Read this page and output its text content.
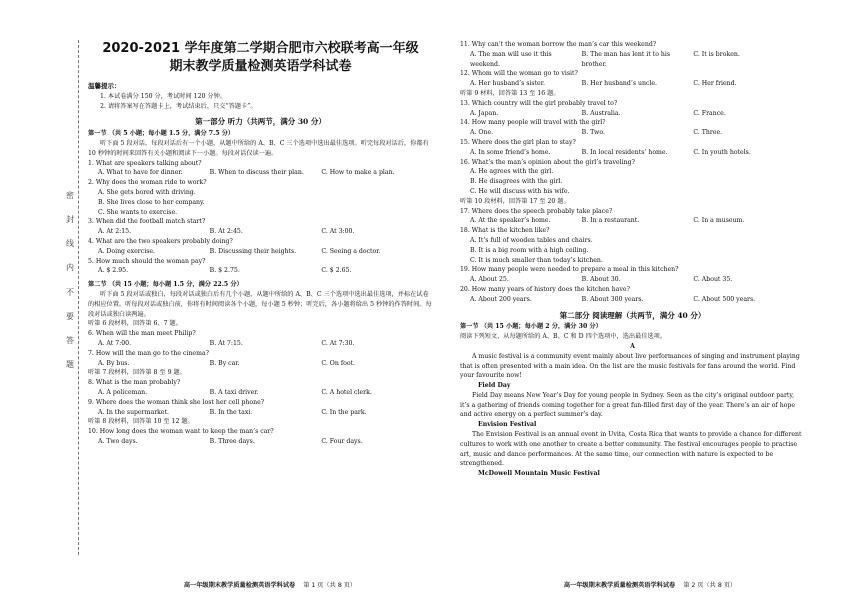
密
封
线
内
不
要
答
题
2020-2021 学年度第二学期合肥市六校联考高一年级
期末教学质量检测英语学科试卷
温馨提示：
1. 本试卷满分 150 分，考试时间 120 分钟。
2. 请将答案写在答题卡上，考试结束后，只交“答题卡”。
第一部分 听力（共两节，满分 30 分）
第一节 （共 5 小题；每小题 1.5 分，满分 7.5 分）
听下面 5 段对话，每段对话后有一个小题，从题中所给的 A、B、C 三个选项中选出最佳选项。听完每段对话后，你都有 10 秒钟的时间来回答有关小题和阅读下一小题。每段对话仅读一遍。
1. What are speakers talking about?
A. What to have for dinner.	B. When to discuss their plan.	C. How to make a plan.
2. Why does the woman ride to work?
A. She gets bored with driving.
B. She lives close to her company.
C. She wants to exercise.
3. When did the football match start?
A. At 2:15.	B. At 2:45.	C. At 3:00.
4. What are the two speakers probably doing?
A. Doing exercise.	B. Discussing their heights.	C. Seeing a doctor.
5. How much should the woman pay?
A. $ 2.95.	B. $ 2.75.	C. $ 2.65.
第二节 （共 15 小题；每小题 1.5 分，满分 22.5 分）
听下面 5 段对话或独白，每段对话或独白后有几个小题，从题中所给的 A、B、C 三个选项中选出最佳选项，并标在试卷的相应位置。听每段对话或独白前，你将有时间阅读各个小题，每小题 5 秒钟；听完后，各小题将给出 5 秒钟的作答时间。每段对话或独白读两遍。
听第 6 段材料，回答第 6、7 题。
6. When will the man meet Philip?
A. At 7:00.	B. At 7:15.	C. At 7:30.
7. How will the man go to the cinema?
A. By bus.	B. By car.	C. On foot.
听第 7 段材料，回答第 8 至 9 题。
8. What is the man probably?
A. A policeman.	B. A taxi driver.	C. A hotel clerk.
9. Where does the woman think she lost her cell phone?
A. In the supermarket.	B. In the taxi.	C. In the park.
听第 8 段材料，回答第 10 至 12 题。
10. How long does the woman want to keep the man’s car?
A. Two days.	B. Three days.	C. Four days.
11. Why can’t the woman borrow the man’s car this weekend?
A. The man will use it this weekend.
B. The man has lent it to his brother.
C. It is broken.
12. Whom will the woman go to visit?
A. Her husband’s sister.	B. Her husband’s uncle.	C. Her friend.
听第 9 材料，回答第 13 至 16 题。
13. Which country will the girl probably travel to?
A. Japan.	B. Australia.	C. France.
14. How many people will travel with the girl?
A. One.	B. Two.	C. Three.
15. Where does the girl plan to stay?
A. In some friend’s home.	B. In local residents’ home.	C. In youth hotels.
16. What’s the man’s opinion about the girl’s traveling?
A. He agrees with the girl.
B. He disagrees with the girl.
C. He will discuss with his wife.
听第 10 段材料，回答第 17 至 20 题。
17. Where does the speech probably take place?
A. At the speaker’s home.	B. In a restaurant.	C. In a museum.
18. What is the kitchen like?
A. It’s full of wooden tables and chairs.
B. It is a big room with a high ceiling.
C. It is much smaller than today’s kitchen.
19. How many people were needed to prepare a meal in this kitchen?
A. About 25.	B. About 30.	C. About 35.
20. How many years of history does the kitchen have?
A. About 200 years.	B. About 300 years.	C. About 500 years.
第二部分 阅读理解（共两节，满分 40 分）
第一节 （共 15 小题；每小题 2 分，满分 30 分）
阅读下列短文，从每题所给的 A、B、C 和 D 四个选项中，选出最佳选项。
A
A music festival is a community event mainly about live performances of singing and instrument playing that is often presented with a main idea. On the list are the music festivals for fans around the world. Find your favourite now!
Field Day
Field Day means New Year’s Day for young people in Sydney. Seen as the city’s original outdoor party, it’s a gathering of friends coming together for a great fun-filled first day of the year. There’s an air of hope and active energy on a perfect summer’s day.
Envision Festival
The Envision Festival is an annual event in Uvita, Costa Rica that wants to provide a chance for different cultures to work with one another to create a better community. The festival encourages people to practise art, music and dance performances. At the same time, our connection with nature is expected to be strengthened.
McDowell Mountain Music Festival
高一年级期末教学质量检测英语学科试卷 第 1 页（共 8 页）	高一年级期末教学质量检测英语学科试卷 第 2 页（共 8 页）
